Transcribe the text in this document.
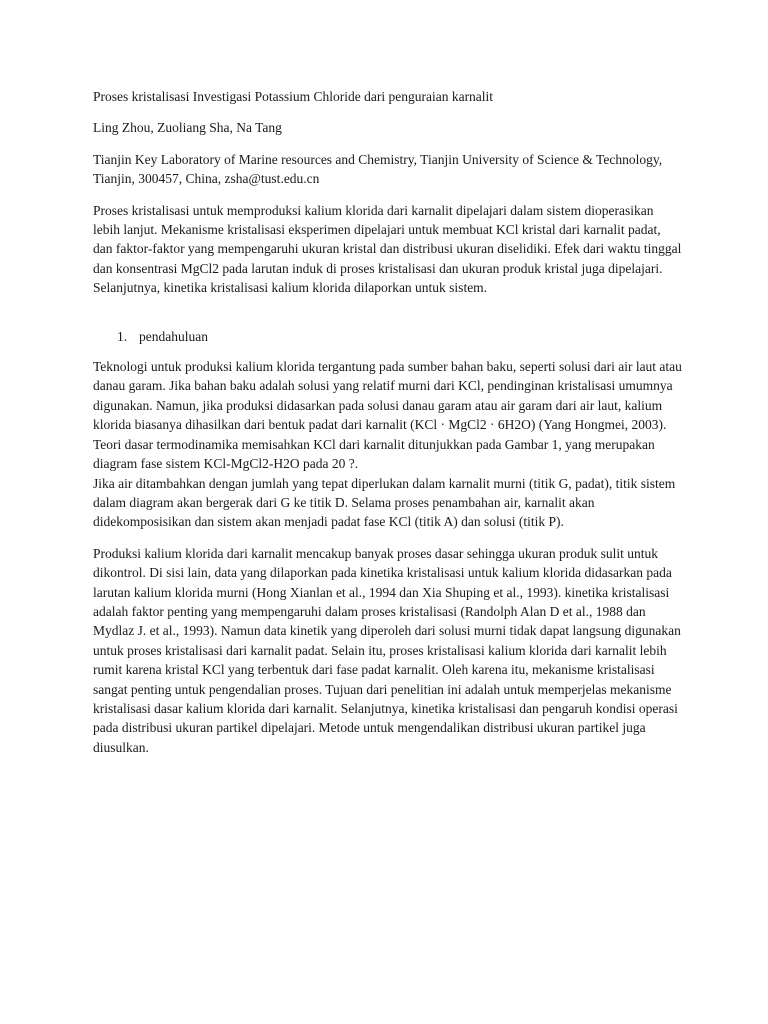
Proses kristalisasi Investigasi Potassium Chloride dari penguraian karnalit

Ling Zhou, Zuoliang Sha, Na Tang

Tianjin Key Laboratory of Marine resources and Chemistry, Tianjin University of Science & Technology, Tianjin, 300457, China, zsha@tust.edu.cn

Proses kristalisasi untuk memproduksi kalium klorida dari karnalit dipelajari dalam sistem dioperasikan lebih lanjut. Mekanisme kristalisasi eksperimen dipelajari untuk membuat KCl kristal dari karnalit padat, dan faktor-faktor yang mempengaruhi ukuran kristal dan distribusi ukuran diselidiki. Efek dari waktu tinggal dan konsentrasi MgCl2 pada larutan induk di proses kristalisasi dan ukuran produk kristal juga dipelajari. Selanjutnya, kinetika kristalisasi kalium klorida dilaporkan untuk sistem.

1. pendahuluan
Teknologi untuk produksi kalium klorida tergantung pada sumber bahan baku, seperti solusi dari air laut atau danau garam. Jika bahan baku adalah solusi yang relatif murni dari KCl, pendinginan kristalisasi umumnya digunakan. Namun, jika produksi didasarkan pada solusi danau garam atau air garam dari air laut, kalium klorida biasanya dihasilkan dari bentuk padat dari karnalit (KCl · MgCl2 · 6H2O) (Yang Hongmei, 2003).
Teori dasar termodinamika memisahkan KCl dari karnalit ditunjukkan pada Gambar 1, yang merupakan diagram fase sistem KCl-MgCl2-H2O pada 20 ?.
Jika air ditambahkan dengan jumlah yang tepat diperlukan dalam karnalit murni (titik G, padat), titik sistem dalam diagram akan bergerak dari G ke titik D. Selama proses penambahan air, karnalit akan didekomposisikan dan sistem akan menjadi padat fase KCl (titik A) dan solusi (titik P).

Produksi kalium klorida dari karnalit mencakup banyak proses dasar sehingga ukuran produk sulit untuk dikontrol. Di sisi lain, data yang dilaporkan pada kinetika kristalisasi untuk kalium klorida didasarkan pada larutan kalium klorida murni (Hong Xianlan et al., 1994 dan Xia Shuping et al., 1993). kinetika kristalisasi adalah faktor penting yang mempengaruhi dalam proses kristalisasi (Randolph Alan D et al., 1988 dan Mydlaz J. et al., 1993). Namun data kinetik yang diperoleh dari solusi murni tidak dapat langsung digunakan untuk proses kristalisasi dari karnalit padat. Selain itu, proses kristalisasi kalium klorida dari karnalit lebih rumit karena kristal KCl yang terbentuk dari fase padat karnalit. Oleh karena itu, mekanisme kristalisasi sangat penting untuk pengendalian proses. Tujuan dari penelitian ini adalah untuk memperjelas mekanisme kristalisasi dasar kalium klorida dari karnalit. Selanjutnya, kinetika kristalisasi dan pengaruh kondisi operasi pada distribusi ukuran partikel dipelajari. Metode untuk mengendalikan distribusi ukuran partikel juga diusulkan.
